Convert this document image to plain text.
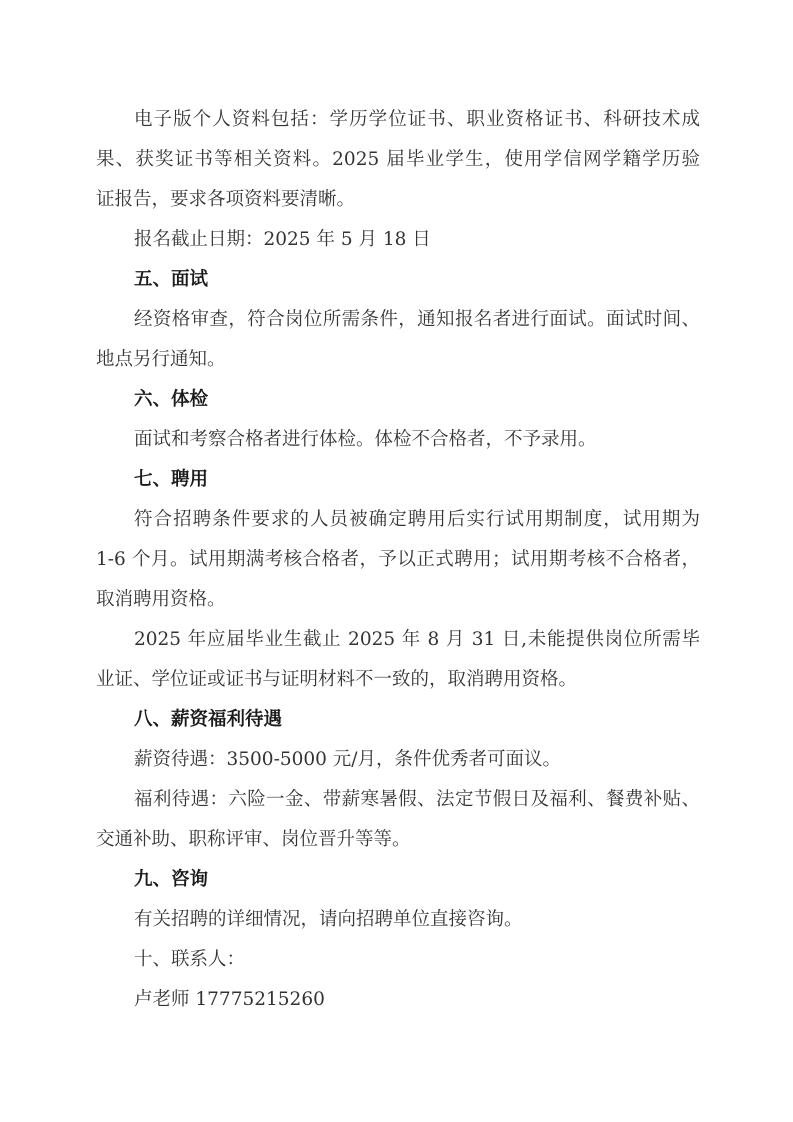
电子版个人资料包括：学历学位证书、职业资格证书、科研技术成
果、获奖证书等相关资料。2025 届毕业学生，使用学信网学籍学历验
证报告，要求各项资料要清晰。
报名截止日期：2025 年 5 月 18 日
五、面试
经资格审查，符合岗位所需条件，通知报名者进行面试。面试时间、
地点另行通知。
六、体检
面试和考察合格者进行体检。体检不合格者，不予录用。
七、聘用
符合招聘条件要求的人员被确定聘用后实行试用期制度，试用期为
1-6 个月。试用期满考核合格者，予以正式聘用；试用期考核不合格者，
取消聘用资格。
2025 年应届毕业生截止 2025 年 8 月 31 日,未能提供岗位所需毕
业证、学位证或证书与证明材料不一致的，取消聘用资格。
八、薪资福利待遇
薪资待遇：3500-5000 元/月，条件优秀者可面议。
福利待遇：六险一金、带薪寒暑假、法定节假日及福利、餐费补贴、
交通补助、职称评审、岗位晋升等等。
九、咨询
有关招聘的详细情况，请向招聘单位直接咨询。
十、联系人：
卢老师 17775215260
